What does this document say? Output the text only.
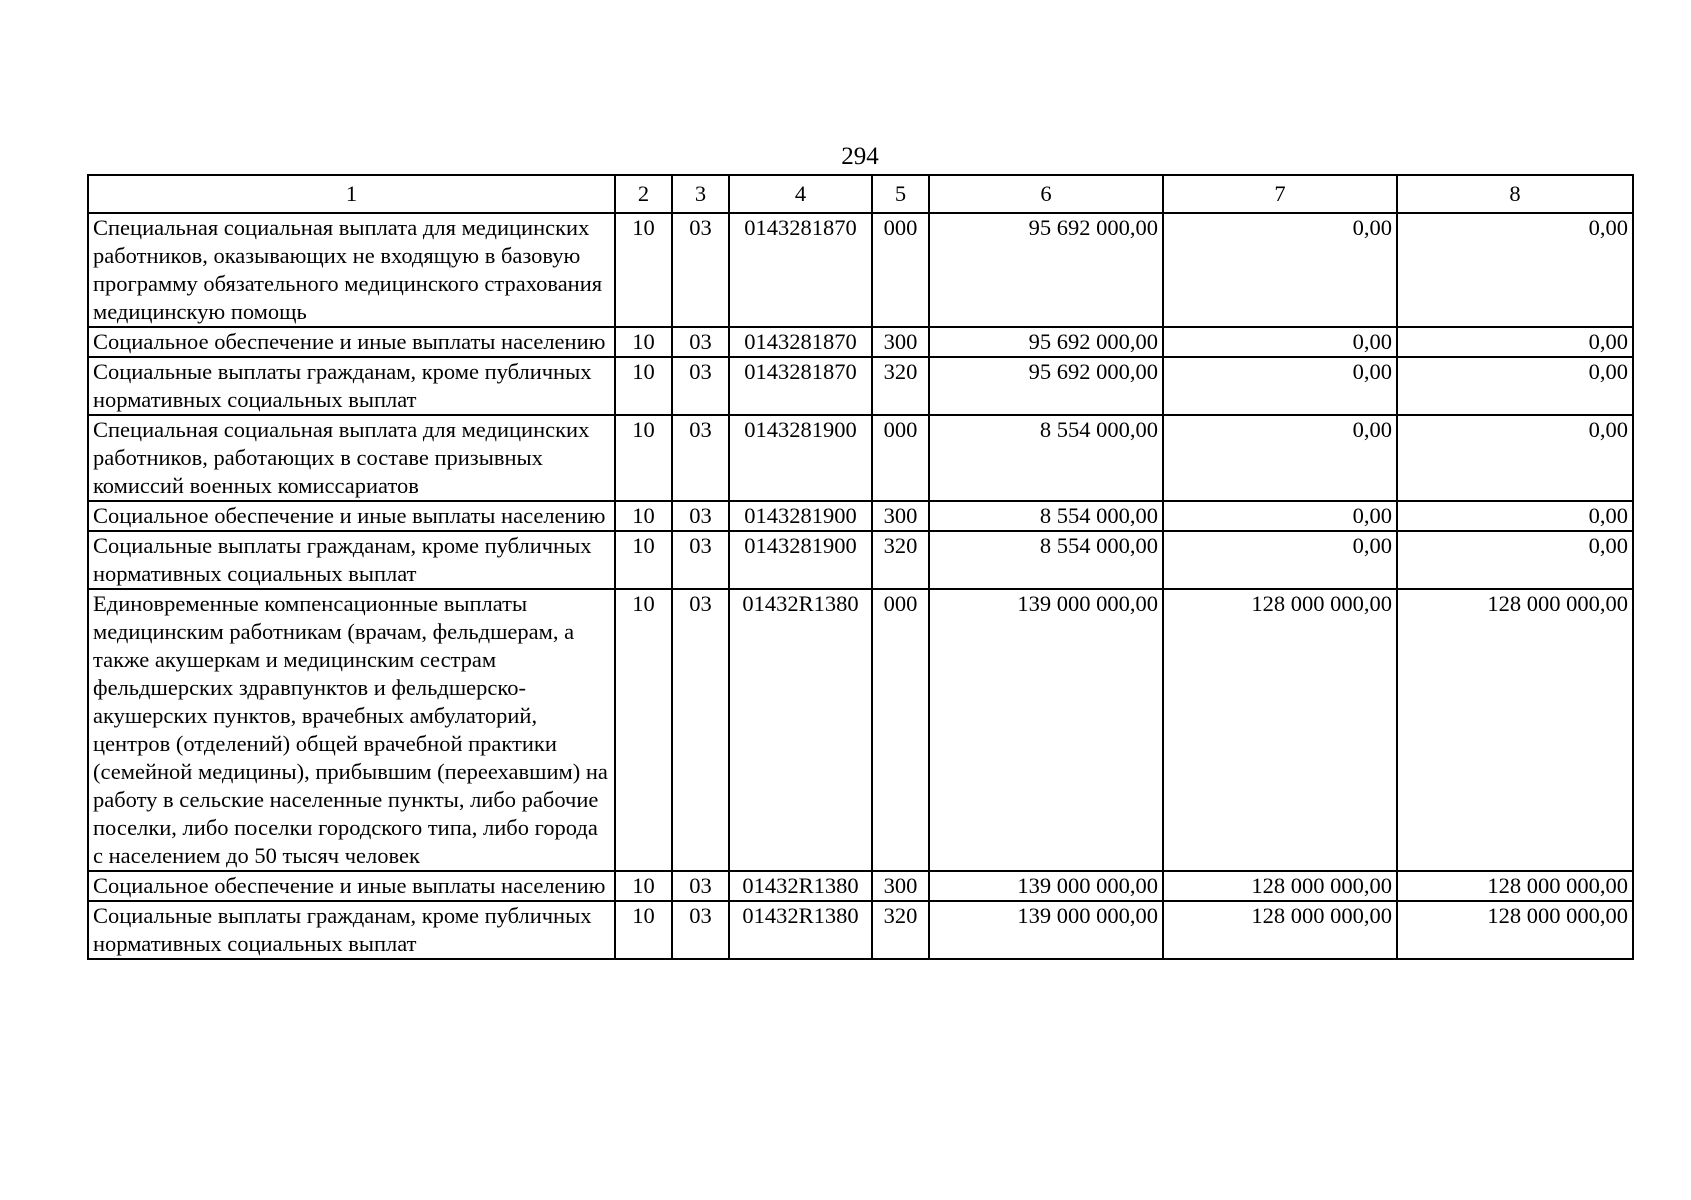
294
1	2	3	4	5	6	7	8
Специальная социальная выплата для медицинских работников, оказывающих не входящую в базовую программу обязательного медицинского страхования медицинскую помощь	10	03	0143281870	000	95 692 000,00	0,00	0,00
Социальное обеспечение и иные выплаты населению	10	03	0143281870	300	95 692 000,00	0,00	0,00
Социальные выплаты гражданам, кроме публичных нормативных социальных выплат	10	03	0143281870	320	95 692 000,00	0,00	0,00
Специальная социальная выплата для медицинских работников, работающих в составе призывных комиссий военных комиссариатов	10	03	0143281900	000	8 554 000,00	0,00	0,00
Социальное обеспечение и иные выплаты населению	10	03	0143281900	300	8 554 000,00	0,00	0,00
Социальные выплаты гражданам, кроме публичных нормативных социальных выплат	10	03	0143281900	320	8 554 000,00	0,00	0,00
Единовременные компенсационные выплаты медицинским работникам (врачам, фельдшерам, а также акушеркам и медицинским сестрам фельдшерских здравпунктов и фельдшерско-акушерских пунктов, врачебных амбулаторий, центров (отделений) общей врачебной практики (семейной медицины), прибывшим (переехавшим) на работу в сельские населенные пункты, либо рабочие поселки, либо поселки городского типа, либо города с населением до 50 тысяч человек	10	03	01432R1380	000	139 000 000,00	128 000 000,00	128 000 000,00
Социальное обеспечение и иные выплаты населению	10	03	01432R1380	300	139 000 000,00	128 000 000,00	128 000 000,00
Социальные выплаты гражданам, кроме публичных нормативных социальных выплат	10	03	01432R1380	320	139 000 000,00	128 000 000,00	128 000 000,00
